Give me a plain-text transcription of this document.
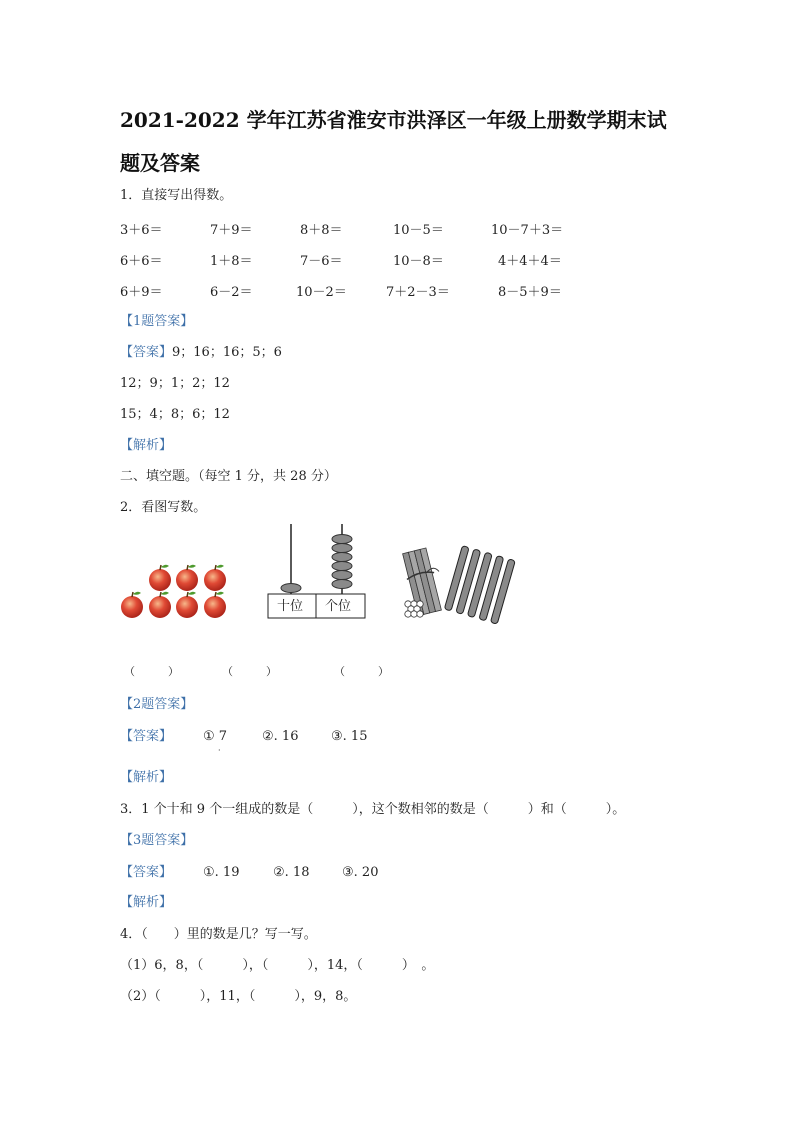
2021-2022 学年江苏省淮安市洪泽区一年级上册数学期末试
题及答案
1．直接写出得数。
3＋6＝	7＋9＝	8＋8＝	10－5＝	10－7＋3＝
6＋6＝	1＋8＝	7－6＝	10－8＝	4＋4＋4＝
6＋9＝	6－2＝	10－2＝	7＋2－3＝	8－5＋9＝
【1题答案】
【答案】9；16；16；5；6
12；9；1；2；12
15；4；8；6；12
【解析】
二、填空题。（每空 1 分，共 28 分）
2．看图写数。
十位 个位
（　　　）	（　　　）	（　　　）
【2题答案】
【答案】 ① 7	②. 16	③. 15
·
【解析】
3．1 个十和 9 个一组成的数是（　　　），这个数相邻的数是（　　　）和（　　　）。
【3题答案】
【答案】 ①. 19	②. 18	③. 20
【解析】
4．（　　）里的数是几？写一写。
（1）6，8，（　　　），（　　　），14，（　　　）　。
（2）（　　　），11，（　　　），9，8。
